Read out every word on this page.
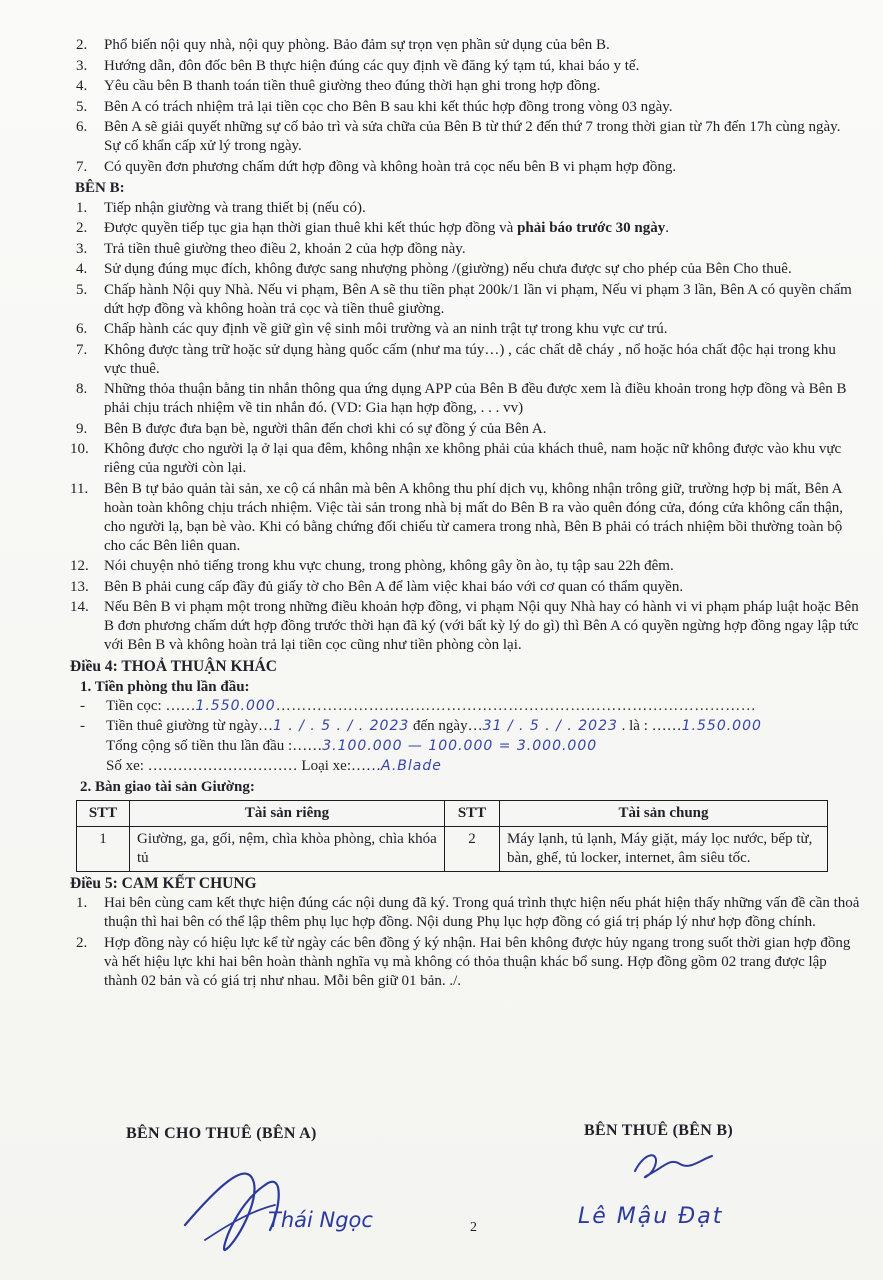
2. Phổ biến nội quy nhà, nội quy phòng. Bảo đảm sự trọn vẹn phần sử dụng của bên B.
3. Hướng dẫn, đôn đốc bên B thực hiện đúng các quy định về đăng ký tạm tú, khai báo y tế.
4. Yêu cầu bên B thanh toán tiền thuê giường theo đúng thời hạn ghi trong hợp đồng.
5. Bên A có trách nhiệm trả lại tiền cọc cho Bên B sau khi kết thúc hợp đồng trong vòng 03 ngày.
6. Bên A sẽ giải quyết những sự cố bảo trì và sửa chữa của Bên B từ thứ 2 đến thứ 7 trong thời gian từ 7h đến 17h cùng ngày. Sự cố khẩn cấp xử lý trong ngày.
7. Có quyền đơn phương chấm dứt hợp đồng và không hoàn trả cọc nếu bên B vi phạm hợp đồng.
BÊN B:
1. Tiếp nhận giường và trang thiết bị (nếu có).
2. Được quyền tiếp tục gia hạn thời gian thuê khi kết thúc hợp đồng và phải báo trước 30 ngày.
3. Trả tiền thuê giường theo điều 2, khoản 2 của hợp đồng này.
4. Sử dụng đúng mục đích, không được sang nhượng phòng /(giường) nếu chưa được sự cho phép của Bên Cho thuê.
5. Chấp hành Nội quy Nhà. Nếu vi phạm, Bên A sẽ thu tiền phạt 200k/1 lần vi phạm, Nếu vi phạm 3 lần, Bên A có quyền chấm dứt hợp đồng và không hoàn trả cọc và tiền thuê giường.
6. Chấp hành các quy định về giữ gìn vệ sinh môi trường và an ninh trật tự trong khu vực cư trú.
7. Không được tàng trữ hoặc sử dụng hàng quốc cấm (như ma túy…) , các chất dễ cháy , nổ hoặc hóa chất độc hại trong khu vực thuê.
8. Những thỏa thuận bằng tin nhắn thông qua ứng dụng APP của Bên B đều được xem là điều khoản trong hợp đồng và Bên B phải chịu trách nhiệm về tin nhắn đó. (VD: Gia hạn hợp đồng, . . . vv)
9. Bên B được đưa bạn bè, người thân đến chơi khi có sự đồng ý của Bên A.
10. Không được cho người lạ ở lại qua đêm, không nhận xe không phải của khách thuê, nam hoặc nữ không được vào khu vực riêng của người còn lại.
11. Bên B tự bảo quản tài sản, xe cộ cá nhân mà bên A không thu phí dịch vụ, không nhận trông giữ, trường hợp bị mất, Bên A hoàn toàn không chịu trách nhiệm. Việc tài sản trong nhà bị mất do Bên B ra vào quên đóng cửa, đóng cửa không cẩn thận, cho người lạ, bạn bè vào. Khi có bằng chứng đối chiếu từ camera trong nhà, Bên B phải có trách nhiệm bồi thường toàn bộ cho các Bên liên quan.
12. Nói chuyện nhỏ tiếng trong khu vực chung, trong phòng, không gây ồn ào, tụ tập sau 22h đêm.
13. Bên B phải cung cấp đầy đủ giấy tờ cho Bên A để làm việc khai báo với cơ quan có thẩm quyền.
14. Nếu Bên B vi phạm một trong những điều khoản hợp đồng, vi phạm Nội quy Nhà hay có hành vi vi phạm pháp luật hoặc Bên B đơn phương chấm dứt hợp đồng trước thời hạn đã ký (với bất kỳ lý do gì) thì Bên A có quyền ngừng hợp đồng ngay lập tức với Bên B và không hoàn trả lại tiền cọc cũng như tiền phòng còn lại.
Điều 4: THOẢ THUẬN KHÁC
1. Tiền phòng thu lần đầu:
- Tiền cọc: ……1.550.000…………………………………………………………………………………
- Tiền thuê giường từ ngày…1 . / . 5 . / . 2023 đến ngày…31 / . 5 . / . 2023 . là : ……1.550.000
Tổng cộng số tiền thu lần đầu :……3.100.000 — 100.000 = 3.000.000
Số xe: ………………………… Loại xe:……A.Blade
2. Bàn giao tài sản Giường:
STT	Tài sản riêng	STT	Tài sản chung
1	Giường, ga, gối, nệm, chìa khòa phòng, chìa khóa tủ	2	Máy lạnh, tủ lạnh, Máy giặt, máy lọc nước, bếp từ, bàn, ghế, tủ locker, internet, âm siêu tốc.
Điều 5: CAM KẾT CHUNG
1. Hai bên cùng cam kết thực hiện đúng các nội dung đã ký. Trong quá trình thực hiện nếu phát hiện thấy những vấn đề cần thoả thuận thì hai bên có thể lập thêm phụ lục hợp đồng. Nội dung Phụ lục hợp đồng có giá trị pháp lý như hợp đồng chính.
2. Hợp đồng này có hiệu lực kể từ ngày các bên đồng ý ký nhận. Hai bên không được hủy ngang trong suốt thời gian hợp đồng và hết hiệu lực khi hai bên hoàn thành nghĩa vụ mà không có thỏa thuận khác bổ sung. Hợp đồng gồm 02 trang được lập thành 02 bản và có giá trị như nhau. Mỗi bên giữ 01 bản. ./.
BÊN CHO THUÊ (BÊN A)	BÊN THUÊ (BÊN B)
Thái Ngọc	Lê Mậu Đạt
2
